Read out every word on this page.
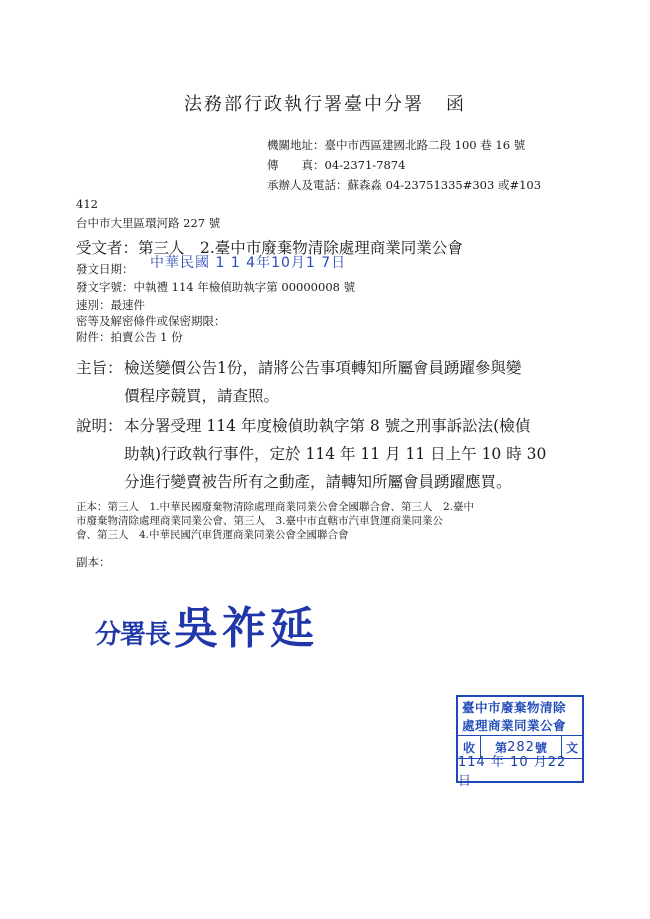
法務部行政執行署臺中分署 函
機關地址：臺中市西區建國北路二段 100 巷 16 號
傳　　真：04-2371-7874
承辦人及電話：蘇森淼 04-23751335#303 或#103
412
台中市大里區環河路 227 號
受文者：第三人　2.臺中市廢棄物清除處理商業同業公會
發文日期： 中華民國 1 1 4年10月1 7日
發文字號：中執禮 114 年檢偵助執字第 00000008 號
速別：最速件
密等及解密條件或保密期限：
附件：拍賣公告 1 份
主旨：檢送變價公告1份，請將公告事項轉知所屬會員踴躍參與變
價程序競買，請查照。
說明：本分署受理 114 年度檢偵助執字第 8 號之刑事訴訟法(檢偵
助執)行政執行事件，定於 114 年 11 月 11 日上午 10 時 30
分進行變賣被告所有之動產，請轉知所屬會員踴躍應買。
正本：第三人　1.中華民國廢棄物清除處理商業同業公會全國聯合會、第三人　2.臺中
市廢棄物清除處理商業同業公會、第三人　3.臺中市直轄市汽車貨運商業同業公
會、第三人　4.中華民國汽車貨運商業同業公會全國聯合會
副本：
分署長吳祚延
臺中市廢棄物清除
處理商業同業公會
收	第 282 號	文
114 年 10 月22 日
